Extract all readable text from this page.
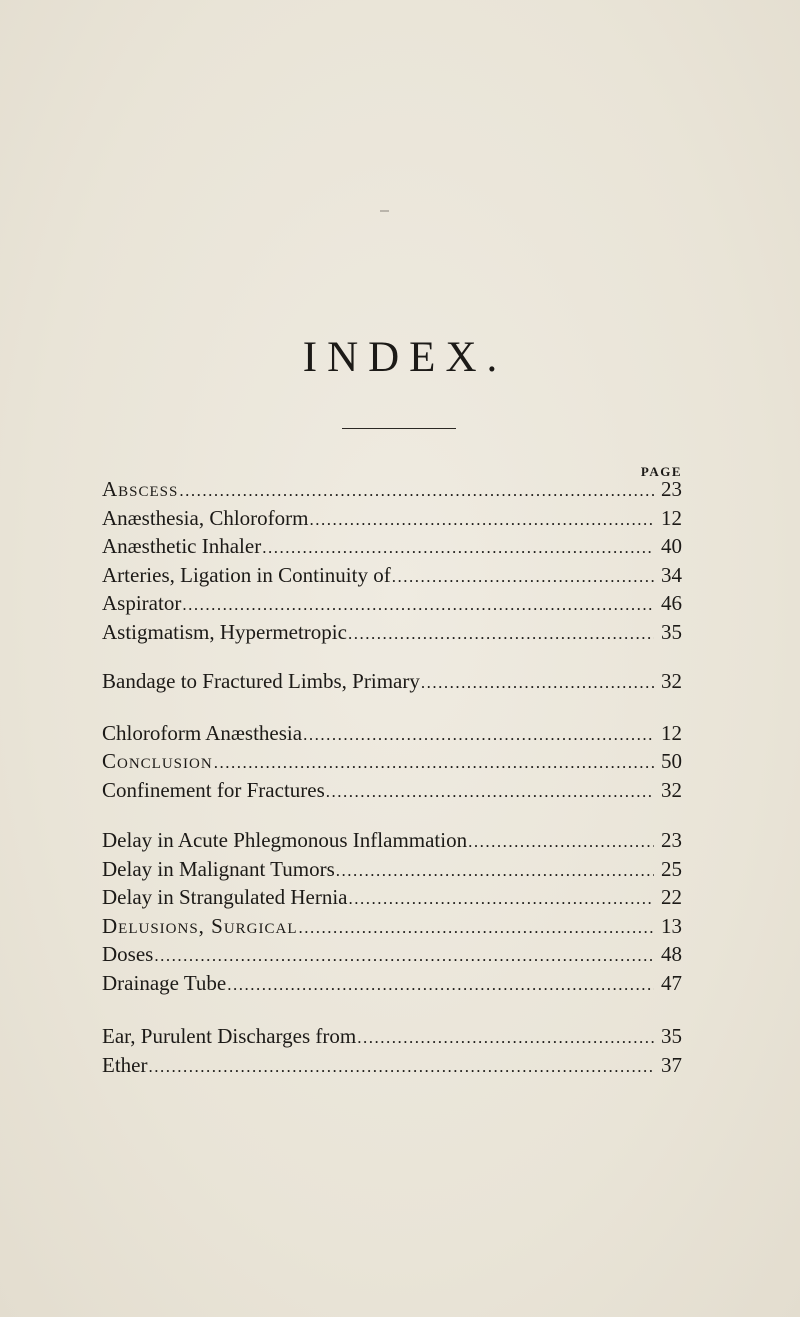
INDEX.
PAGE
Abscess .....	23
Anæsthesia, Chloroform .....	12
Anæsthetic Inhaler .....	40
Arteries, Ligation in Continuity of .....	34
Aspirator .....	46
Astigmatism, Hypermetropic .....	35
Bandage to Fractured Limbs, Primary .....	32
Chloroform Anæsthesia .....	12
Conclusion .....	50
Confinement for Fractures .....	32
Delay in Acute Phlegmonous Inflammation .....	23
Delay in Malignant Tumors .....	25
Delay in Strangulated Hernia .....	22
Delusions, Surgical .....	13
Doses .....	48
Drainage Tube .....	47
Ear, Purulent Discharges from .....	35
Ether .....	37
